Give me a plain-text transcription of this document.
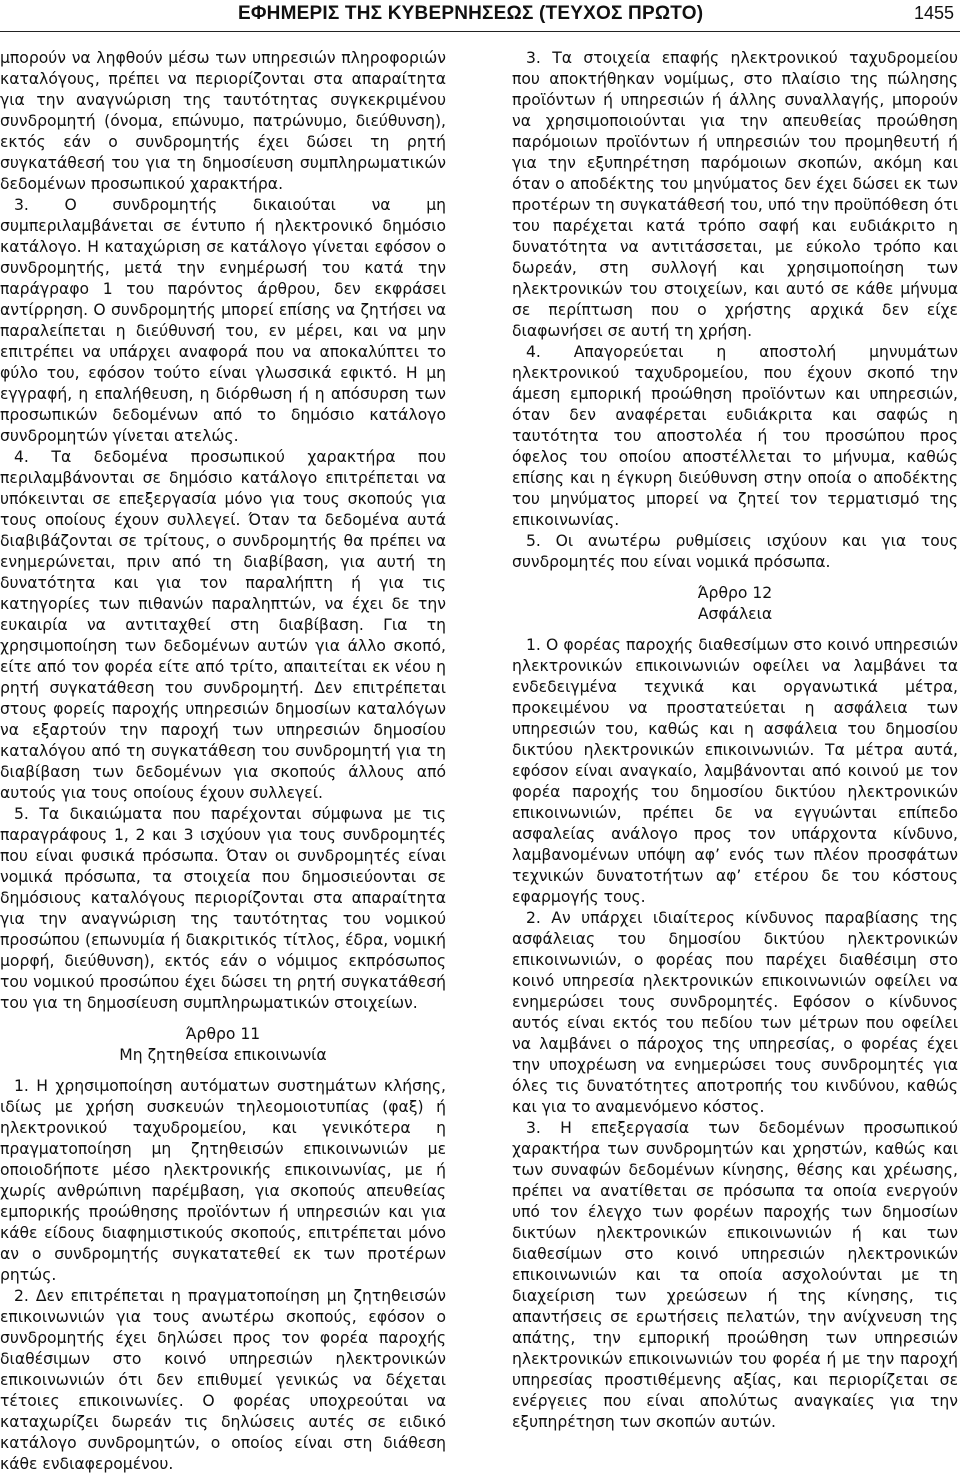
ΕΦΗΜΕΡΙΣ ΤΗΣ ΚΥΒΕΡΝΗΣΕΩΣ (ΤΕΥΧΟΣ ΠΡΩΤΟ)	1455

μπορούν να ληφθούν μέσω των υπηρεσιών πληροφοριών καταλόγους, πρέπει να περιορίζονται στα απαραίτητα για την αναγνώριση της ταυτότητας συγκεκριμένου συνδρομητή (όνομα, επώνυμο, πατρώνυμο, διεύθυνση), εκτός εάν ο συνδρομητής έχει δώσει τη ρητή συγκατάθεσή του για τη δημοσίευση συμπληρωματικών δεδομένων προσωπικού χαρακτήρα.

3. Ο συνδρομητής δικαιούται να μη συμπεριλαμβάνεται σε έντυπο ή ηλεκτρονικό δημόσιο κατάλογο. Η καταχώριση σε κατάλογο γίνεται εφόσον ο συνδρομητής, μετά την ενημέρωσή του κατά την παράγραφο 1 του παρόντος άρθρου, δεν εκφράσει αντίρρηση. Ο συνδρομητής μπορεί επίσης να ζητήσει να παραλείπεται η διεύθυνσή του, εν μέρει, και να μην επιτρέπει να υπάρχει αναφορά που να αποκαλύπτει το φύλο του, εφόσον τούτο είναι γλωσσικά εφικτό. Η μη εγγραφή, η επαλήθευση, η διόρθωση ή η απόσυρση των προσωπικών δεδομένων από το δημόσιο κατάλογο συνδρομητών γίνεται ατελώς.

4. Τα δεδομένα προσωπικού χαρακτήρα που περιλαμβάνονται σε δημόσιο κατάλογο επιτρέπεται να υπόκεινται σε επεξεργασία μόνο για τους σκοπούς για τους οποίους έχουν συλλεγεί. Όταν τα δεδομένα αυτά διαβιβάζονται σε τρίτους, ο συνδρομητής θα πρέπει να ενημερώνεται, πριν από τη διαβίβαση, για αυτή τη δυνατότητα και για τον παραλήπτη ή για τις κατηγορίες των πιθανών παραληπτών, να έχει δε την ευκαιρία να αντιταχθεί στη διαβίβαση. Για τη χρησιμοποίηση των δεδομένων αυτών για άλλο σκοπό, είτε από τον φορέα είτε από τρίτο, απαιτείται εκ νέου η ρητή συγκατάθεση του συνδρομητή. Δεν επιτρέπεται στους φορείς παροχής υπηρεσιών δημοσίων καταλόγων να εξαρτούν την παροχή των υπηρεσιών δημοσίου καταλόγου από τη συγκατάθεση του συνδρομητή για τη διαβίβαση των δεδομένων για σκοπούς άλλους από αυτούς για τους οποίους έχουν συλλεγεί.

5. Τα δικαιώματα που παρέχονται σύμφωνα με τις παραγράφους 1, 2 και 3 ισχύουν για τους συνδρομητές που είναι φυσικά πρόσωπα. Όταν οι συνδρομητές είναι νομικά πρόσωπα, τα στοιχεία που δημοσιεύονται σε δημόσιους καταλόγους περιορίζονται στα απαραίτητα για την αναγνώριση της ταυτότητας του νομικού προσώπου (επωνυμία ή διακριτικός τίτλος, έδρα, νομική μορφή, διεύθυνση), εκτός εάν ο νόμιμος εκπρόσωπος του νομικού προσώπου έχει δώσει τη ρητή συγκατάθεσή του για τη δημοσίευση συμπληρωματικών στοιχείων.

Άρθρο 11

Μη ζητηθείσα επικοινωνία

1. Η χρησιμοποίηση αυτόματων συστημάτων κλήσης, ιδίως με χρήση συσκευών τηλεομοιοτυπίας (φαξ) ή ηλεκτρονικού ταχυδρομείου, και γενικότερα η πραγματοποίηση μη ζητηθεισών επικοινωνιών με οποιοδήποτε μέσο ηλεκτρονικής επικοινωνίας, με ή χωρίς ανθρώπινη παρέμβαση, για σκοπούς απευθείας εμπορικής προώθησης προϊόντων ή υπηρεσιών και για κάθε είδους διαφημιστικούς σκοπούς, επιτρέπεται μόνο αν ο συνδρομητής συγκατατεθεί εκ των προτέρων ρητώς.

2. Δεν επιτρέπεται η πραγματοποίηση μη ζητηθεισών επικοινωνιών για τους ανωτέρω σκοπούς, εφόσον ο συνδρομητής έχει δηλώσει προς τον φορέα παροχής διαθέσιμων στο κοινό υπηρεσιών ηλεκτρονικών επικοινωνιών ότι δεν επιθυμεί γενικώς να δέχεται τέτοιες επικοινωνίες. Ο φορέας υποχρεούται να καταχωρίζει δωρεάν τις δηλώσεις αυτές σε ειδικό κατάλογο συνδρομητών, ο οποίος είναι στη διάθεση κάθε ενδιαφερομένου.

3. Τα στοιχεία επαφής ηλεκτρονικού ταχυδρομείου που αποκτήθηκαν νομίμως, στο πλαίσιο της πώλησης προϊόντων ή υπηρεσιών ή άλλης συναλλαγής, μπορούν να χρησιμοποιούνται για την απευθείας προώθηση παρόμοιων προϊόντων ή υπηρεσιών του προμηθευτή ή για την εξυπηρέτηση παρόμοιων σκοπών, ακόμη και όταν ο αποδέκτης του μηνύματος δεν έχει δώσει εκ των προτέρων τη συγκατάθεσή του, υπό την προϋπόθεση ότι του παρέχεται κατά τρόπο σαφή και ευδιάκριτο η δυνατότητα να αντιτάσσεται, με εύκολο τρόπο και δωρεάν, στη συλλογή και χρησιμοποίηση των ηλεκτρονικών του στοιχείων, και αυτό σε κάθε μήνυμα σε περίπτωση που ο χρήστης αρχικά δεν είχε διαφωνήσει σε αυτή τη χρήση.

4. Απαγορεύεται η αποστολή μηνυμάτων ηλεκτρονικού ταχυδρομείου, που έχουν σκοπό την άμεση εμπορική προώθηση προϊόντων και υπηρεσιών, όταν δεν αναφέρεται ευδιάκριτα και σαφώς η ταυτότητα του αποστολέα ή του προσώπου προς όφελος του οποίου αποστέλλεται το μήνυμα, καθώς επίσης και η έγκυρη διεύθυνση στην οποία ο αποδέκτης του μηνύματος μπορεί να ζητεί τον τερματισμό της επικοινωνίας.

5. Οι ανωτέρω ρυθμίσεις ισχύουν και για τους συνδρομητές που είναι νομικά πρόσωπα.

Άρθρο 12

Ασφάλεια

1. Ο φορέας παροχής διαθεσίμων στο κοινό υπηρεσιών ηλεκτρονικών επικοινωνιών οφείλει να λαμβάνει τα ενδεδειγμένα τεχνικά και οργανωτικά μέτρα, προκειμένου να προστατεύεται η ασφάλεια των υπηρεσιών του, καθώς και η ασφάλεια του δημοσίου δικτύου ηλεκτρονικών επικοινωνιών. Τα μέτρα αυτά, εφόσον είναι αναγκαίο, λαμβάνονται από κοινού με τον φορέα παροχής του δημοσίου δικτύου ηλεκτρονικών επικοινωνιών, πρέπει δε να εγγυώνται επίπεδο ασφαλείας ανάλογο προς τον υπάρχοντα κίνδυνο, λαμβανομένων υπόψη αφ’ ενός των πλέον προσφάτων τεχνικών δυνατοτήτων αφ’ ετέρου δε του κόστους εφαρμογής τους.

2. Αν υπάρχει ιδιαίτερος κίνδυνος παραβίασης της ασφάλειας του δημοσίου δικτύου ηλεκτρονικών επικοινωνιών, ο φορέας που παρέχει διαθέσιμη στο κοινό υπηρεσία ηλεκτρονικών επικοινωνιών οφείλει να ενημερώσει τους συνδρομητές. Εφόσον ο κίνδυνος αυτός είναι εκτός του πεδίου των μέτρων που οφείλει να λαμβάνει ο πάροχος της υπηρεσίας, ο φορέας έχει την υποχρέωση να ενημερώσει τους συνδρομητές για όλες τις δυνατότητες αποτροπής του κινδύνου, καθώς και για το αναμενόμενο κόστος.

3. Η επεξεργασία των δεδομένων προσωπικού χαρακτήρα των συνδρομητών και χρηστών, καθώς και των συναφών δεδομένων κίνησης, θέσης και χρέωσης, πρέπει να ανατίθεται σε πρόσωπα τα οποία ενεργούν υπό τον έλεγχο των φορέων παροχής των δημοσίων δικτύων ηλεκτρονικών επικοινωνιών ή και των διαθεσίμων στο κοινό υπηρεσιών ηλεκτρονικών επικοινωνιών και τα οποία ασχολούνται με τη διαχείριση των χρεώσεων ή της κίνησης, τις απαντήσεις σε ερωτήσεις πελατών, την ανίχνευση της απάτης, την εμπορική προώθηση των υπηρεσιών ηλεκτρονικών επικοινωνιών του φορέα ή με την παροχή υπηρεσίας προστιθέμενης αξίας, και περιορίζεται σε ενέργειες που είναι απολύτως αναγκαίες για την εξυπηρέτηση των σκοπών αυτών.
